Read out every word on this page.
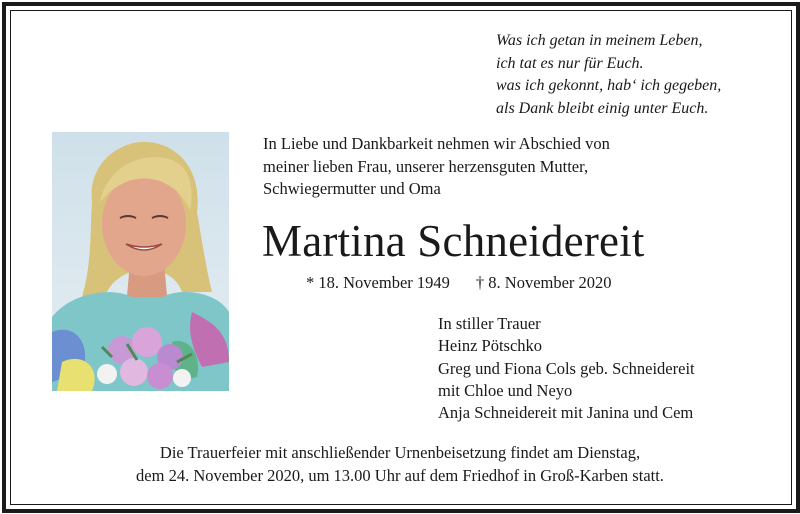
Was ich getan in meinem Leben,
ich tat es nur für Euch.
was ich gekonnt, hab‘ ich gegeben,
als Dank bleibt einig unter Euch.
In Liebe und Dankbarkeit nehmen wir Abschied von
meiner lieben Frau, unserer herzensguten Mutter,
Schwiegermutter und Oma
Martina Schneidereit
* 18. November 1949 † 8. November 2020
In stiller Trauer
Heinz Pötschko
Greg und Fiona Cols geb. Schneidereit
mit Chloe und Neyo
Anja Schneidereit mit Janina und Cem
Die Trauerfeier mit anschließender Urnenbeisetzung findet am Dienstag,
dem 24. November 2020, um 13.00 Uhr auf dem Friedhof in Groß-Karben statt.
